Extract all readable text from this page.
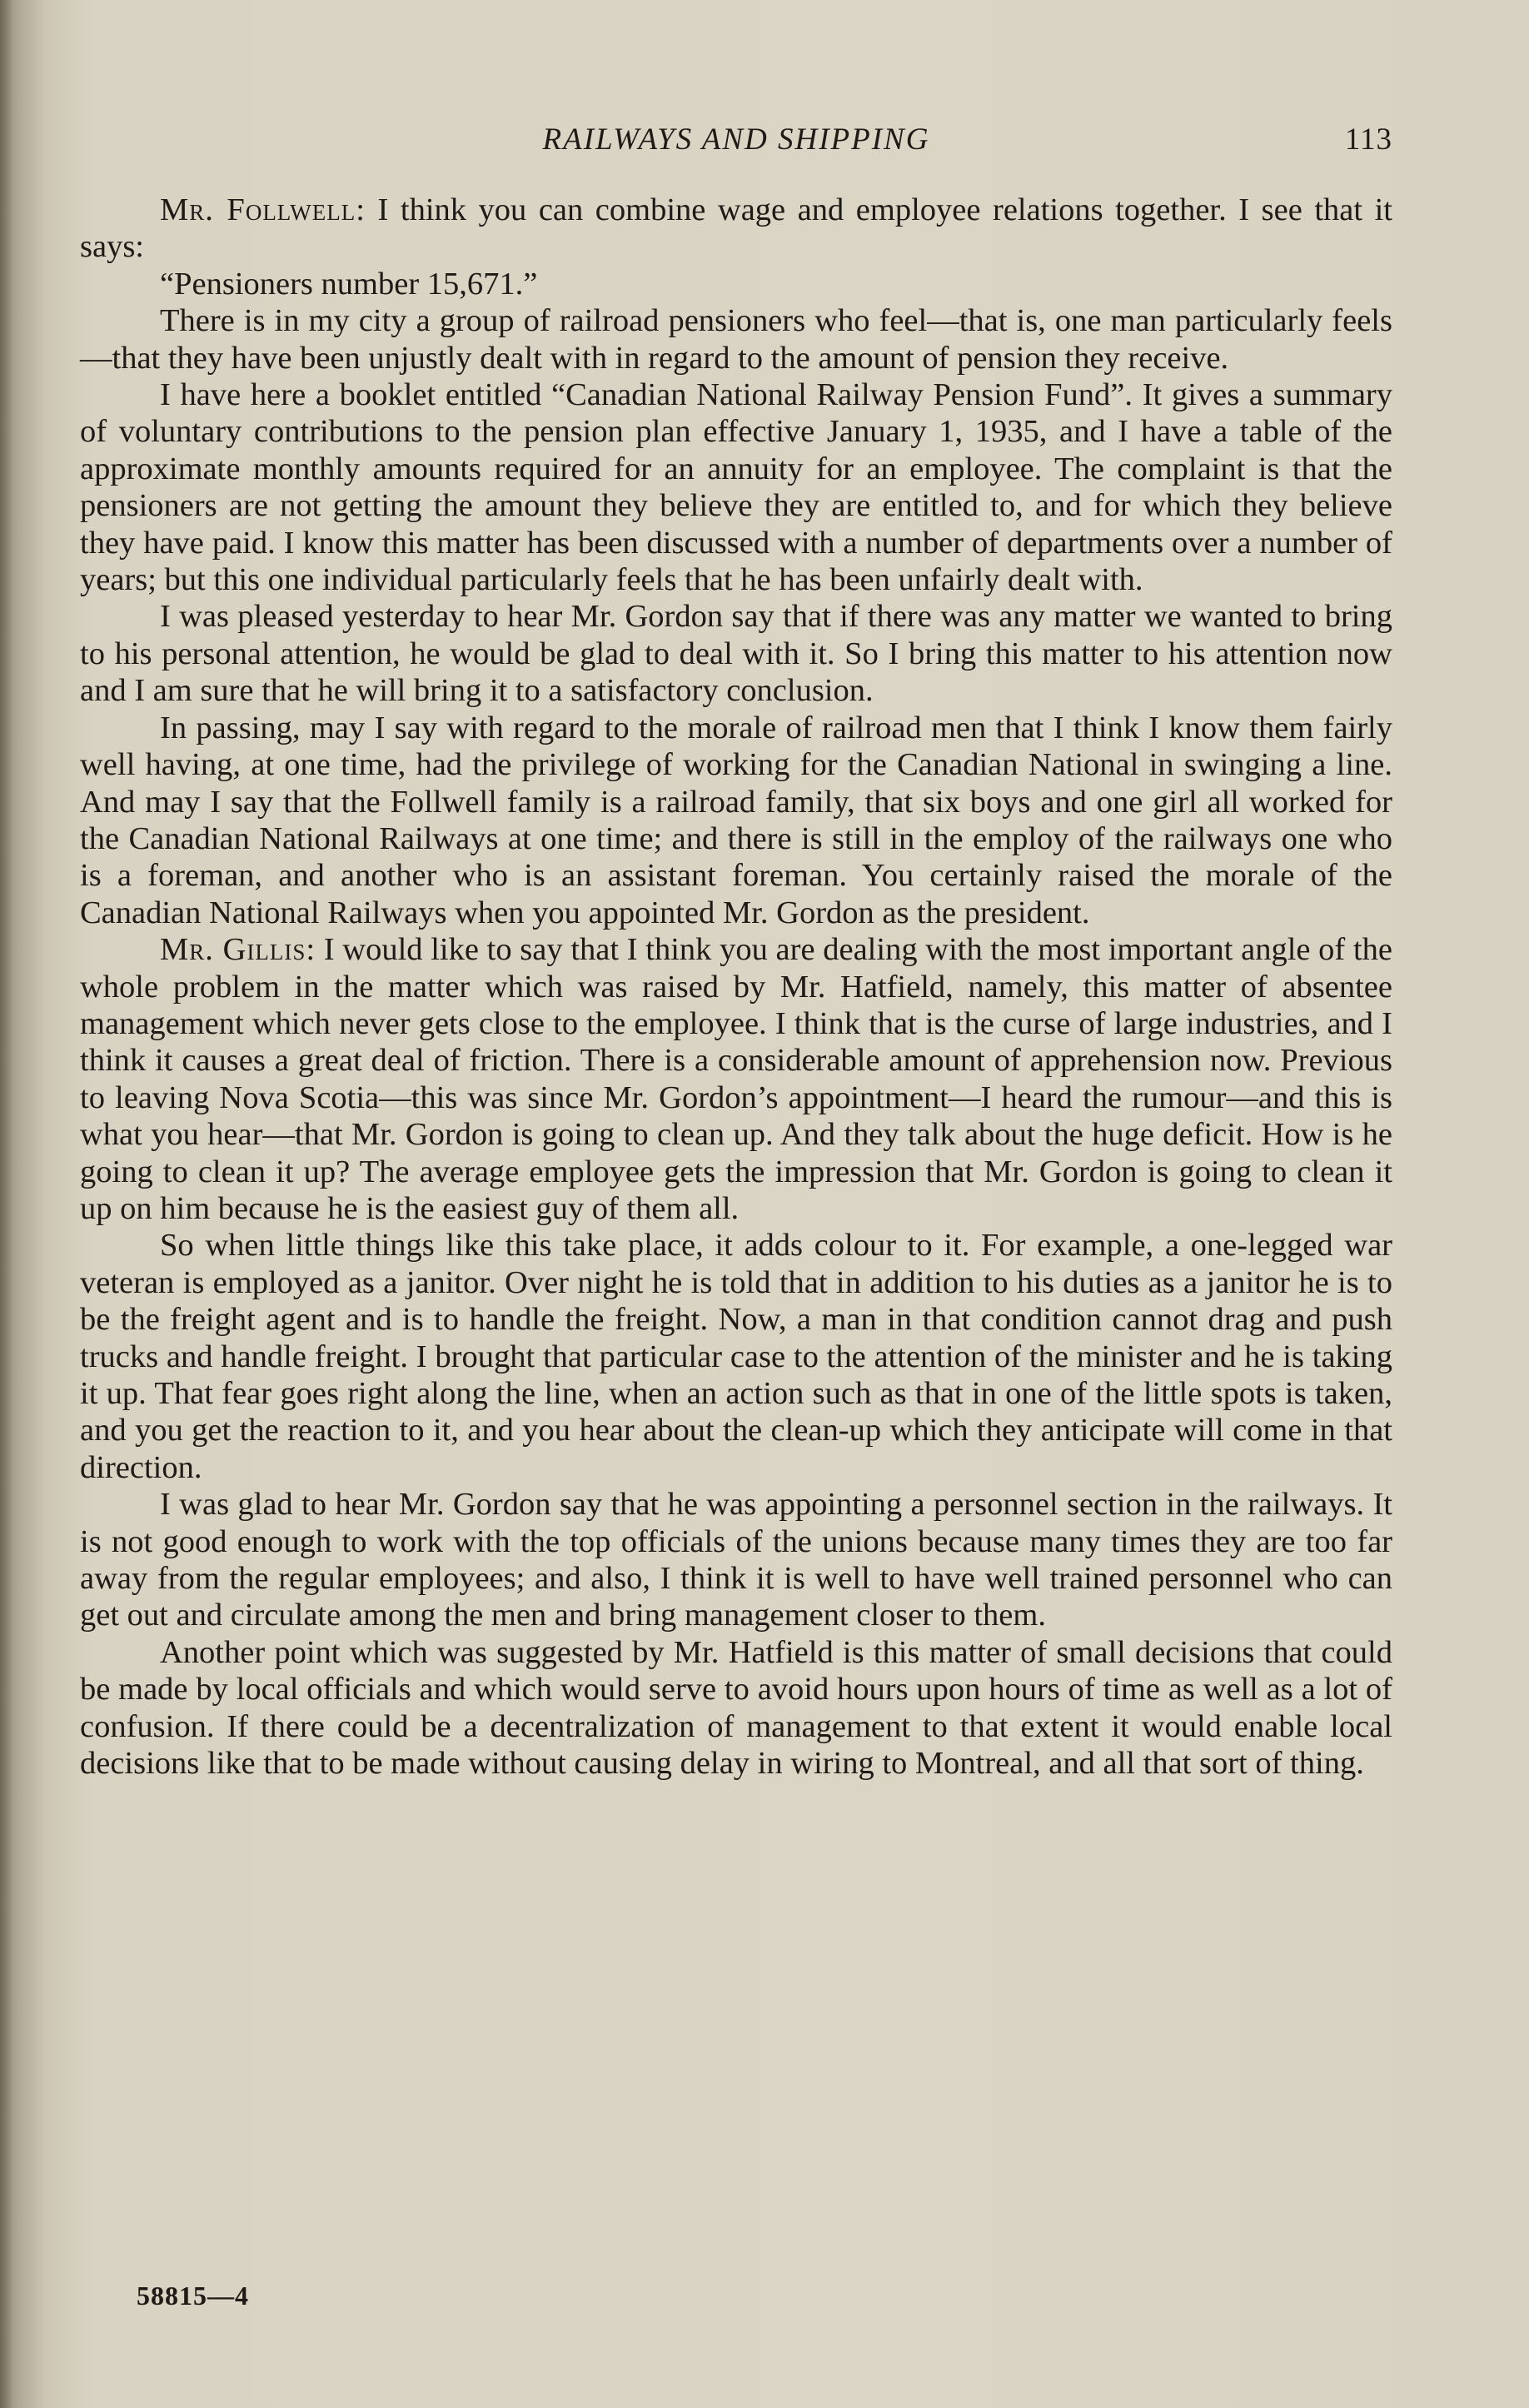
RAILWAYS AND SHIPPING	113

Mr. Follwell: I think you can combine wage and employee relations together. I see that it says:

“Pensioners number 15,671.”

There is in my city a group of railroad pensioners who feel—that is, one man particularly feels—that they have been unjustly dealt with in regard to the amount of pension they receive.

I have here a booklet entitled “Canadian National Railway Pension Fund”. It gives a summary of voluntary contributions to the pension plan effective January 1, 1935, and I have a table of the approximate monthly amounts required for an annuity for an employee. The complaint is that the pensioners are not getting the amount they believe they are entitled to, and for which they believe they have paid. I know this matter has been discussed with a number of departments over a number of years; but this one individual particularly feels that he has been unfairly dealt with.

I was pleased yesterday to hear Mr. Gordon say that if there was any matter we wanted to bring to his personal attention, he would be glad to deal with it. So I bring this matter to his attention now and I am sure that he will bring it to a satisfactory conclusion.

In passing, may I say with regard to the morale of railroad men that I think I know them fairly well having, at one time, had the privilege of working for the Canadian National in swinging a line. And may I say that the Follwell family is a railroad family, that six boys and one girl all worked for the Canadian National Railways at one time; and there is still in the employ of the railways one who is a foreman, and another who is an assistant foreman. You certainly raised the morale of the Canadian National Railways when you appointed Mr. Gordon as the president.

Mr. Gillis: I would like to say that I think you are dealing with the most important angle of the whole problem in the matter which was raised by Mr. Hatfield, namely, this matter of absentee management which never gets close to the employee. I think that is the curse of large industries, and I think it causes a great deal of friction. There is a considerable amount of apprehension now. Previous to leaving Nova Scotia—this was since Mr. Gordon’s appointment—I heard the rumour—and this is what you hear—that Mr. Gordon is going to clean up. And they talk about the huge deficit. How is he going to clean it up? The average employee gets the impression that Mr. Gordon is going to clean it up on him because he is the easiest guy of them all.

So when little things like this take place, it adds colour to it. For example, a one-legged war veteran is employed as a janitor. Over night he is told that in addition to his duties as a janitor he is to be the freight agent and is to handle the freight. Now, a man in that condition cannot drag and push trucks and handle freight. I brought that particular case to the attention of the minister and he is taking it up. That fear goes right along the line, when an action such as that in one of the little spots is taken, and you get the reaction to it, and you hear about the clean-up which they anticipate will come in that direction.

I was glad to hear Mr. Gordon say that he was appointing a personnel section in the railways. It is not good enough to work with the top officials of the unions because many times they are too far away from the regular employees; and also, I think it is well to have well trained personnel who can get out and circulate among the men and bring management closer to them.

Another point which was suggested by Mr. Hatfield is this matter of small decisions that could be made by local officials and which would serve to avoid hours upon hours of time as well as a lot of confusion. If there could be a decentralization of management to that extent it would enable local decisions like that to be made without causing delay in wiring to Montreal, and all that sort of thing.

58815—4
